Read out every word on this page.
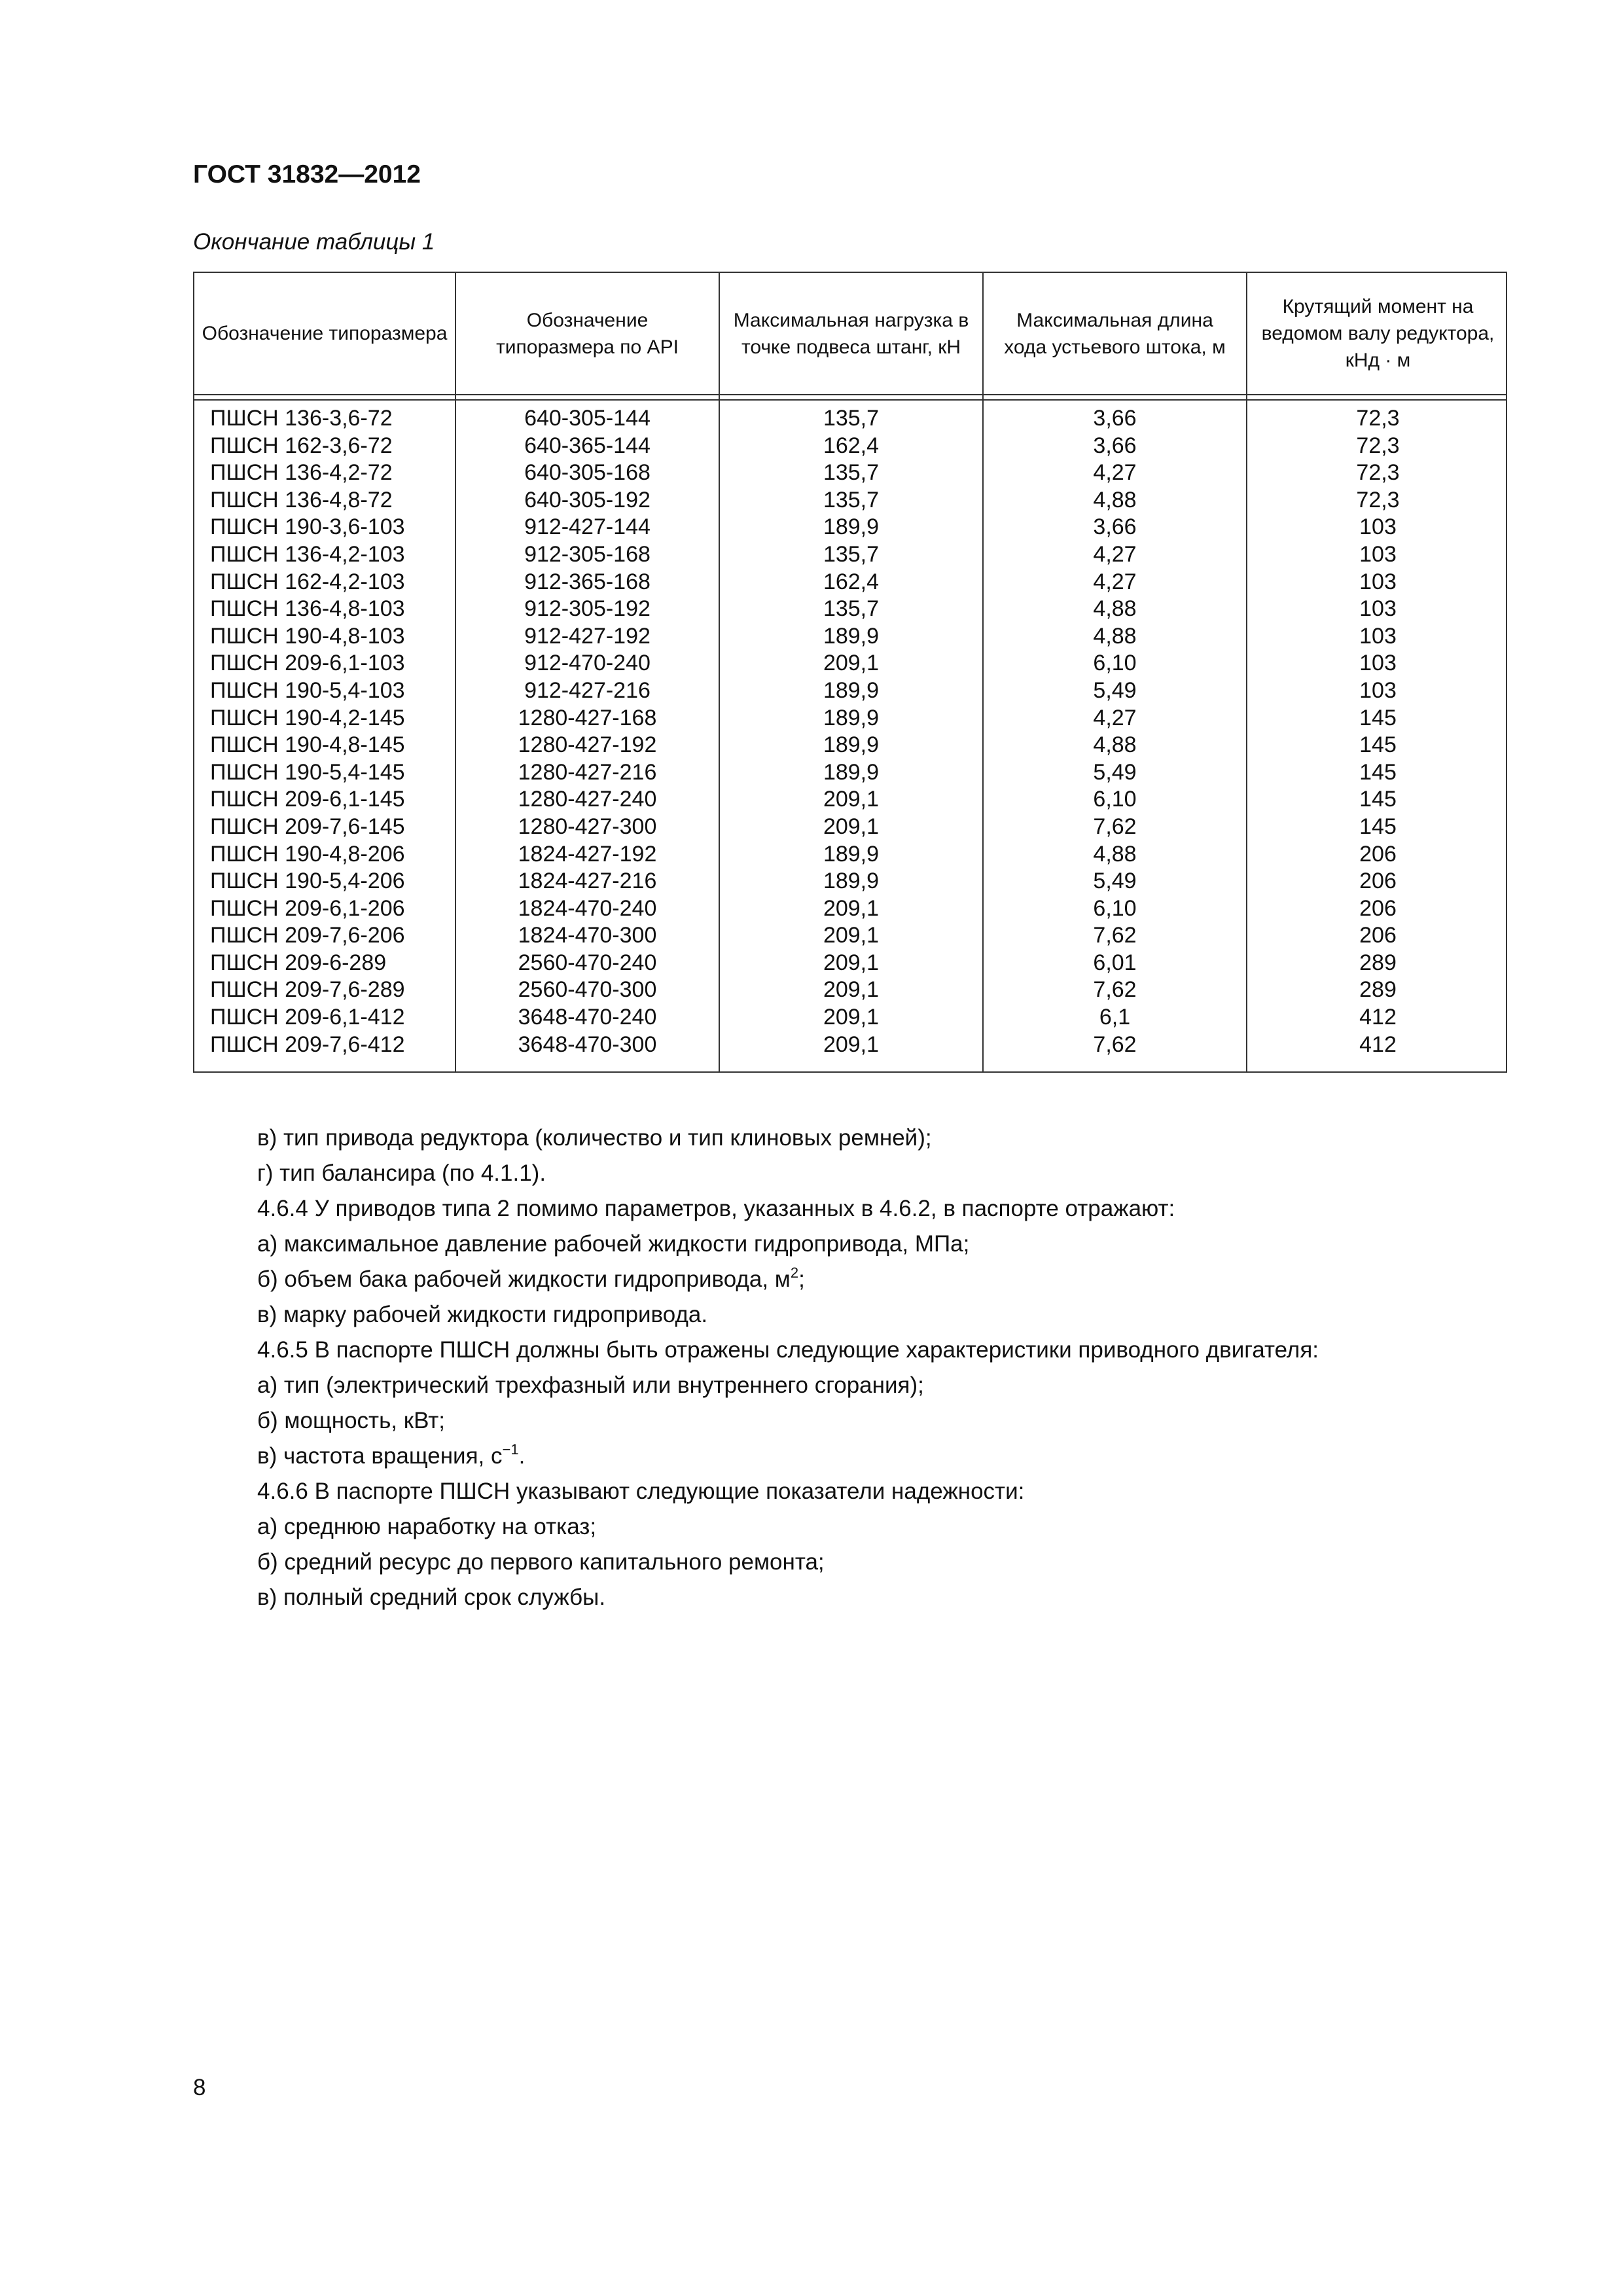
ГОСТ 31832—2012
Окончание таблицы 1
Обозначение типоразмера
Обозначение типоразмера по API
Максимальная нагрузка в точке подвеса штанг, кН
Максимальная длина хода устьевого штока, м
Крутящий момент на ведомом валу редуктора, кНд · м
ПШСН 136-3,6-72
ПШСН 162-3,6-72
ПШСН 136-4,2-72
ПШСН 136-4,8-72
ПШСН 190-3,6-103
ПШСН 136-4,2-103
ПШСН 162-4,2-103
ПШСН 136-4,8-103
ПШСН 190-4,8-103
ПШСН 209-6,1-103
ПШСН 190-5,4-103
ПШСН 190-4,2-145
ПШСН 190-4,8-145
ПШСН 190-5,4-145
ПШСН 209-6,1-145
ПШСН 209-7,6-145
ПШСН 190-4,8-206
ПШСН 190-5,4-206
ПШСН 209-6,1-206
ПШСН 209-7,6-206
ПШСН 209-6-289
ПШСН 209-7,6-289
ПШСН 209-6,1-412
ПШСН 209-7,6-412
640-305-144
640-365-144
640-305-168
640-305-192
912-427-144
912-305-168
912-365-168
912-305-192
912-427-192
912-470-240
912-427-216
1280-427-168
1280-427-192
1280-427-216
1280-427-240
1280-427-300
1824-427-192
1824-427-216
1824-470-240
1824-470-300
2560-470-240
2560-470-300
3648-470-240
3648-470-300
135,7
162,4
135,7
135,7
189,9
135,7
162,4
135,7
189,9
209,1
189,9
189,9
189,9
189,9
209,1
209,1
189,9
189,9
209,1
209,1
209,1
209,1
209,1
209,1
3,66
3,66
4,27
4,88
3,66
4,27
4,27
4,88
4,88
6,10
5,49
4,27
4,88
5,49
6,10
7,62
4,88
5,49
6,10
7,62
6,01
7,62
6,1
7,62
72,3
72,3
72,3
72,3
103
103
103
103
103
103
103
145
145
145
145
145
206
206
206
206
289
289
412
412

в) тип привода редуктора (количество и тип клиновых ремней);

г) тип балансира (по 4.1.1).

4.6.4 У приводов типа 2 помимо параметров, указанных в 4.6.2, в паспорте отражают:

а) максимальное давление рабочей жидкости гидропривода, МПа;

б) объем бака рабочей жидкости гидропривода, $м^2$;

в) марку рабочей жидкости гидропривода.

4.6.5 В паспорте ПШСН должны быть отражены следующие характеристики приводного двигателя:

а) тип (электрический трехфазный или внутреннего сгорания);

б) мощность, кВт;

в) частота вращения, $с^{-1}$.

4.6.6 В паспорте ПШСН указывают следующие показатели надежности:

а) среднюю наработку на отказ;

б) средний ресурс до первого капитального ремонта;

в) полный средний срок службы.

8
